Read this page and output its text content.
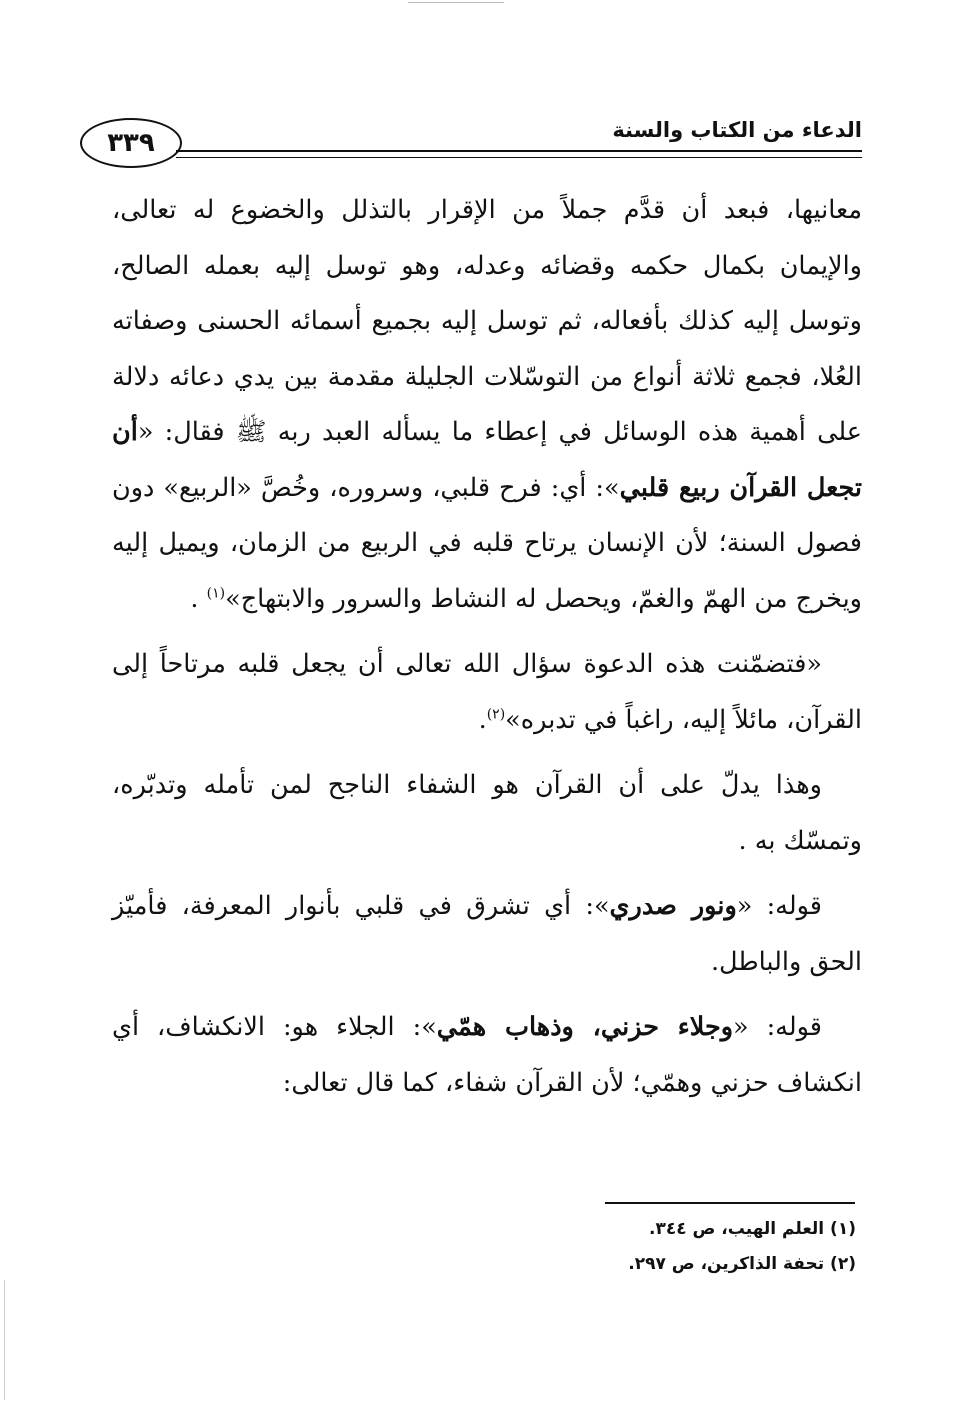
الدعاء من الكتاب والسنة
٣٣٩

معانيها، فبعد أن قدَّم جملاً من الإقرار بالتذلل والخضوع له تعالى، والإيمان بكمال حكمه وقضائه وعدله، وهو توسل إليه بعمله الصالح، وتوسل إليه كذلك بأفعاله، ثم توسل إليه بجميع أسمائه الحسنى وصفاته العُلا، فجمع ثلاثة أنواع من التوسّلات الجليلة مقدمة بين يدي دعائه دلالة على أهمية هذه الوسائل في إعطاء ما يسأله العبد ربه ﷺ فقال: «أن تجعل القرآن ربيع قلبي»: أي: فرح قلبي، وسروره، وخُصَّ «الربيع» دون فصول السنة؛ لأن الإنسان يرتاح قلبه في الربيع من الزمان، ويميل إليه ويخرج من الهمّ والغمّ، ويحصل له النشاط والسرور والابتهاج»$^{(١)}$ .

«فتضمّنت هذه الدعوة سؤال الله تعالى أن يجعل قلبه مرتاحاً إلى القرآن، مائلاً إليه، راغباً في تدبره»$^{(٢)}$.

وهذا يدلّ على أن القرآن هو الشفاء الناجح لمن تأمله وتدبّره، وتمسّك به .

قوله: «ونور صدري»: أي تشرق في قلبي بأنوار المعرفة، فأميّز الحق والباطل.

قوله: «وجلاء حزني، وذهاب همّي»: الجلاء هو: الانكشاف، أي انكشاف حزني وهمّي؛ لأن القرآن شفاء، كما قال تعالى:

(١) العلم الهيب، ص ٣٤٤.
(٢) تحفة الذاكرين، ص ٢٩٧.
